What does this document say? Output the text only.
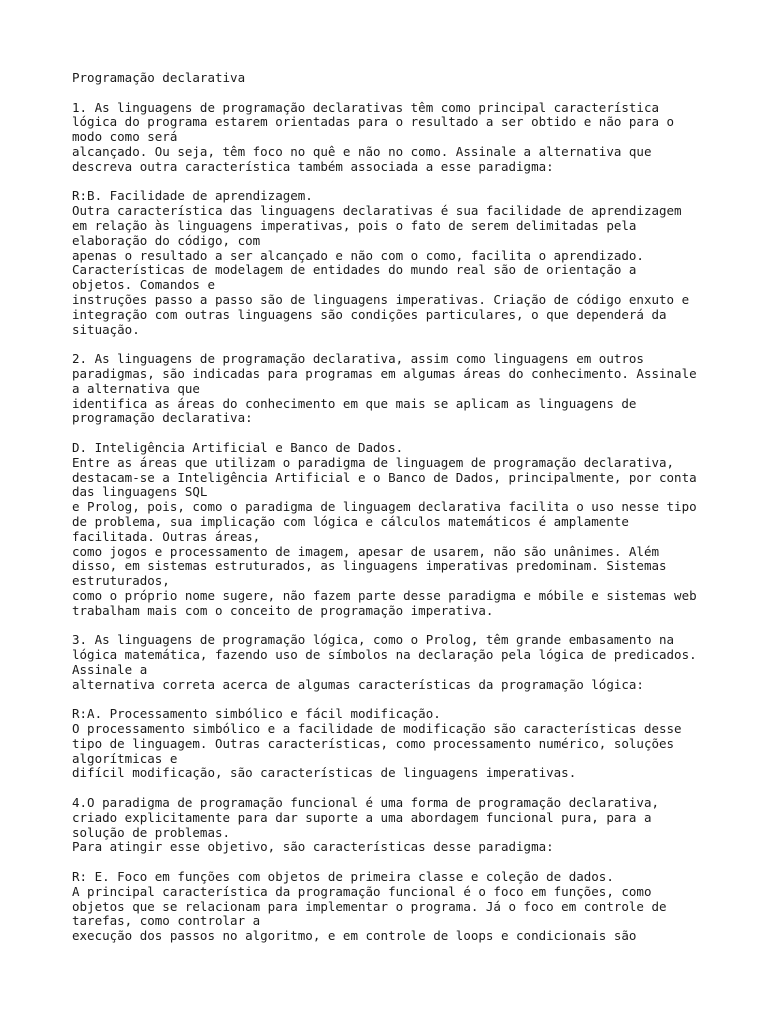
Programação declarativa

1. As linguagens de programação declarativas têm como principal característica
lógica do programa estarem orientadas para o resultado a ser obtido e não para o
modo como será
alcançado. Ou seja, têm foco no quê e não no como. Assinale a alternativa que
descreva outra característica também associada a esse paradigma:

R:B. Facilidade de aprendizagem.
Outra característica das linguagens declarativas é sua facilidade de aprendizagem
em relação às linguagens imperativas, pois o fato de serem delimitadas pela
elaboração do código, com
apenas o resultado a ser alcançado e não com o como, facilita o aprendizado.
Características de modelagem de entidades do mundo real são de orientação a
objetos. Comandos e
instruções passo a passo são de linguagens imperativas. Criação de código enxuto e
integração com outras linguagens são condições particulares, o que dependerá da
situação.

2. As linguagens de programação declarativa, assim como linguagens em outros
paradigmas, são indicadas para programas em algumas áreas do conhecimento. Assinale
a alternativa que
identifica as áreas do conhecimento em que mais se aplicam as linguagens de
programação declarativa:

D. Inteligência Artificial e Banco de Dados.
Entre as áreas que utilizam o paradigma de linguagem de programação declarativa,
destacam-se a Inteligência Artificial e o Banco de Dados, principalmente, por conta
das linguagens SQL
e Prolog, pois, como o paradigma de linguagem declarativa facilita o uso nesse tipo
de problema, sua implicação com lógica e cálculos matemáticos é amplamente
facilitada. Outras áreas,
como jogos e processamento de imagem, apesar de usarem, não são unânimes. Além
disso, em sistemas estruturados, as linguagens imperativas predominam. Sistemas
estruturados,
como o próprio nome sugere, não fazem parte desse paradigma e móbile e sistemas web
trabalham mais com o conceito de programação imperativa.

3. As linguagens de programação lógica, como o Prolog, têm grande embasamento na
lógica matemática, fazendo uso de símbolos na declaração pela lógica de predicados.
Assinale a
alternativa correta acerca de algumas características da programação lógica:

R:A. Processamento simbólico e fácil modificação.
O processamento simbólico e a facilidade de modificação são características desse
tipo de linguagem. Outras características, como processamento numérico, soluções
algorítmicas e
difícil modificação, são características de linguagens imperativas.

4.O paradigma de programação funcional é uma forma de programação declarativa,
criado explicitamente para dar suporte a uma abordagem funcional pura, para a
solução de problemas.
Para atingir esse objetivo, são características desse paradigma:

R: E. Foco em funções com objetos de primeira classe e coleção de dados.
A principal característica da programação funcional é o foco em funções, como
objetos que se relacionam para implementar o programa. Já o foco em controle de
tarefas, como controlar a
execução dos passos no algoritmo, e em controle de loops e condicionais são
